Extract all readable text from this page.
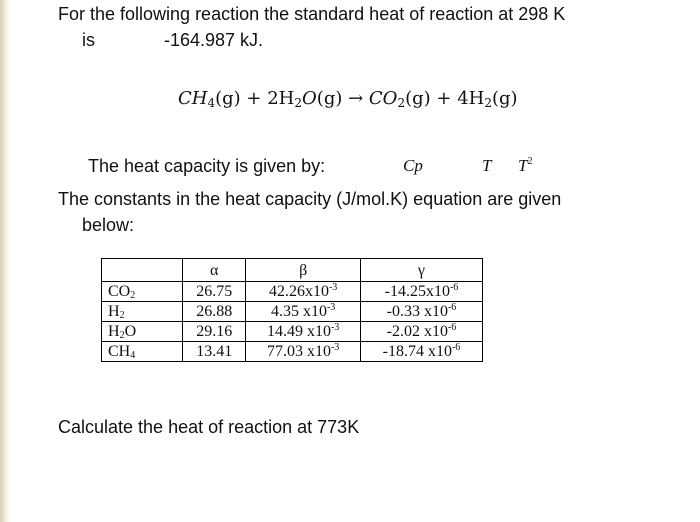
For the following reaction the standard heat of reaction at 298 K
is	-164.987 kJ.
$CH_4(g) + 2H_2O(g) \to CO_2(g) + 4H_2(g)$
The heat capacity is given by:	Cp	T $T^2$
The constants in the heat capacity (J/mol.K) equation are given
below:
	α	β	γ
$CO_2$	26.75	$42.26x10^{-3}$	$-14.25x10^{-6}$
$H_2$	26.88	4.35 $x10^{-3}$	-0.33 $x10^{-6}$
$H_2O$	29.16	14.49 $x10^{-3}$	-2.02 $x10^{-6}$
$CH_4$	13.41	77.03 $x10^{-3}$	-18.74 $x10^{-6}$
Calculate the heat of reaction at 773K
